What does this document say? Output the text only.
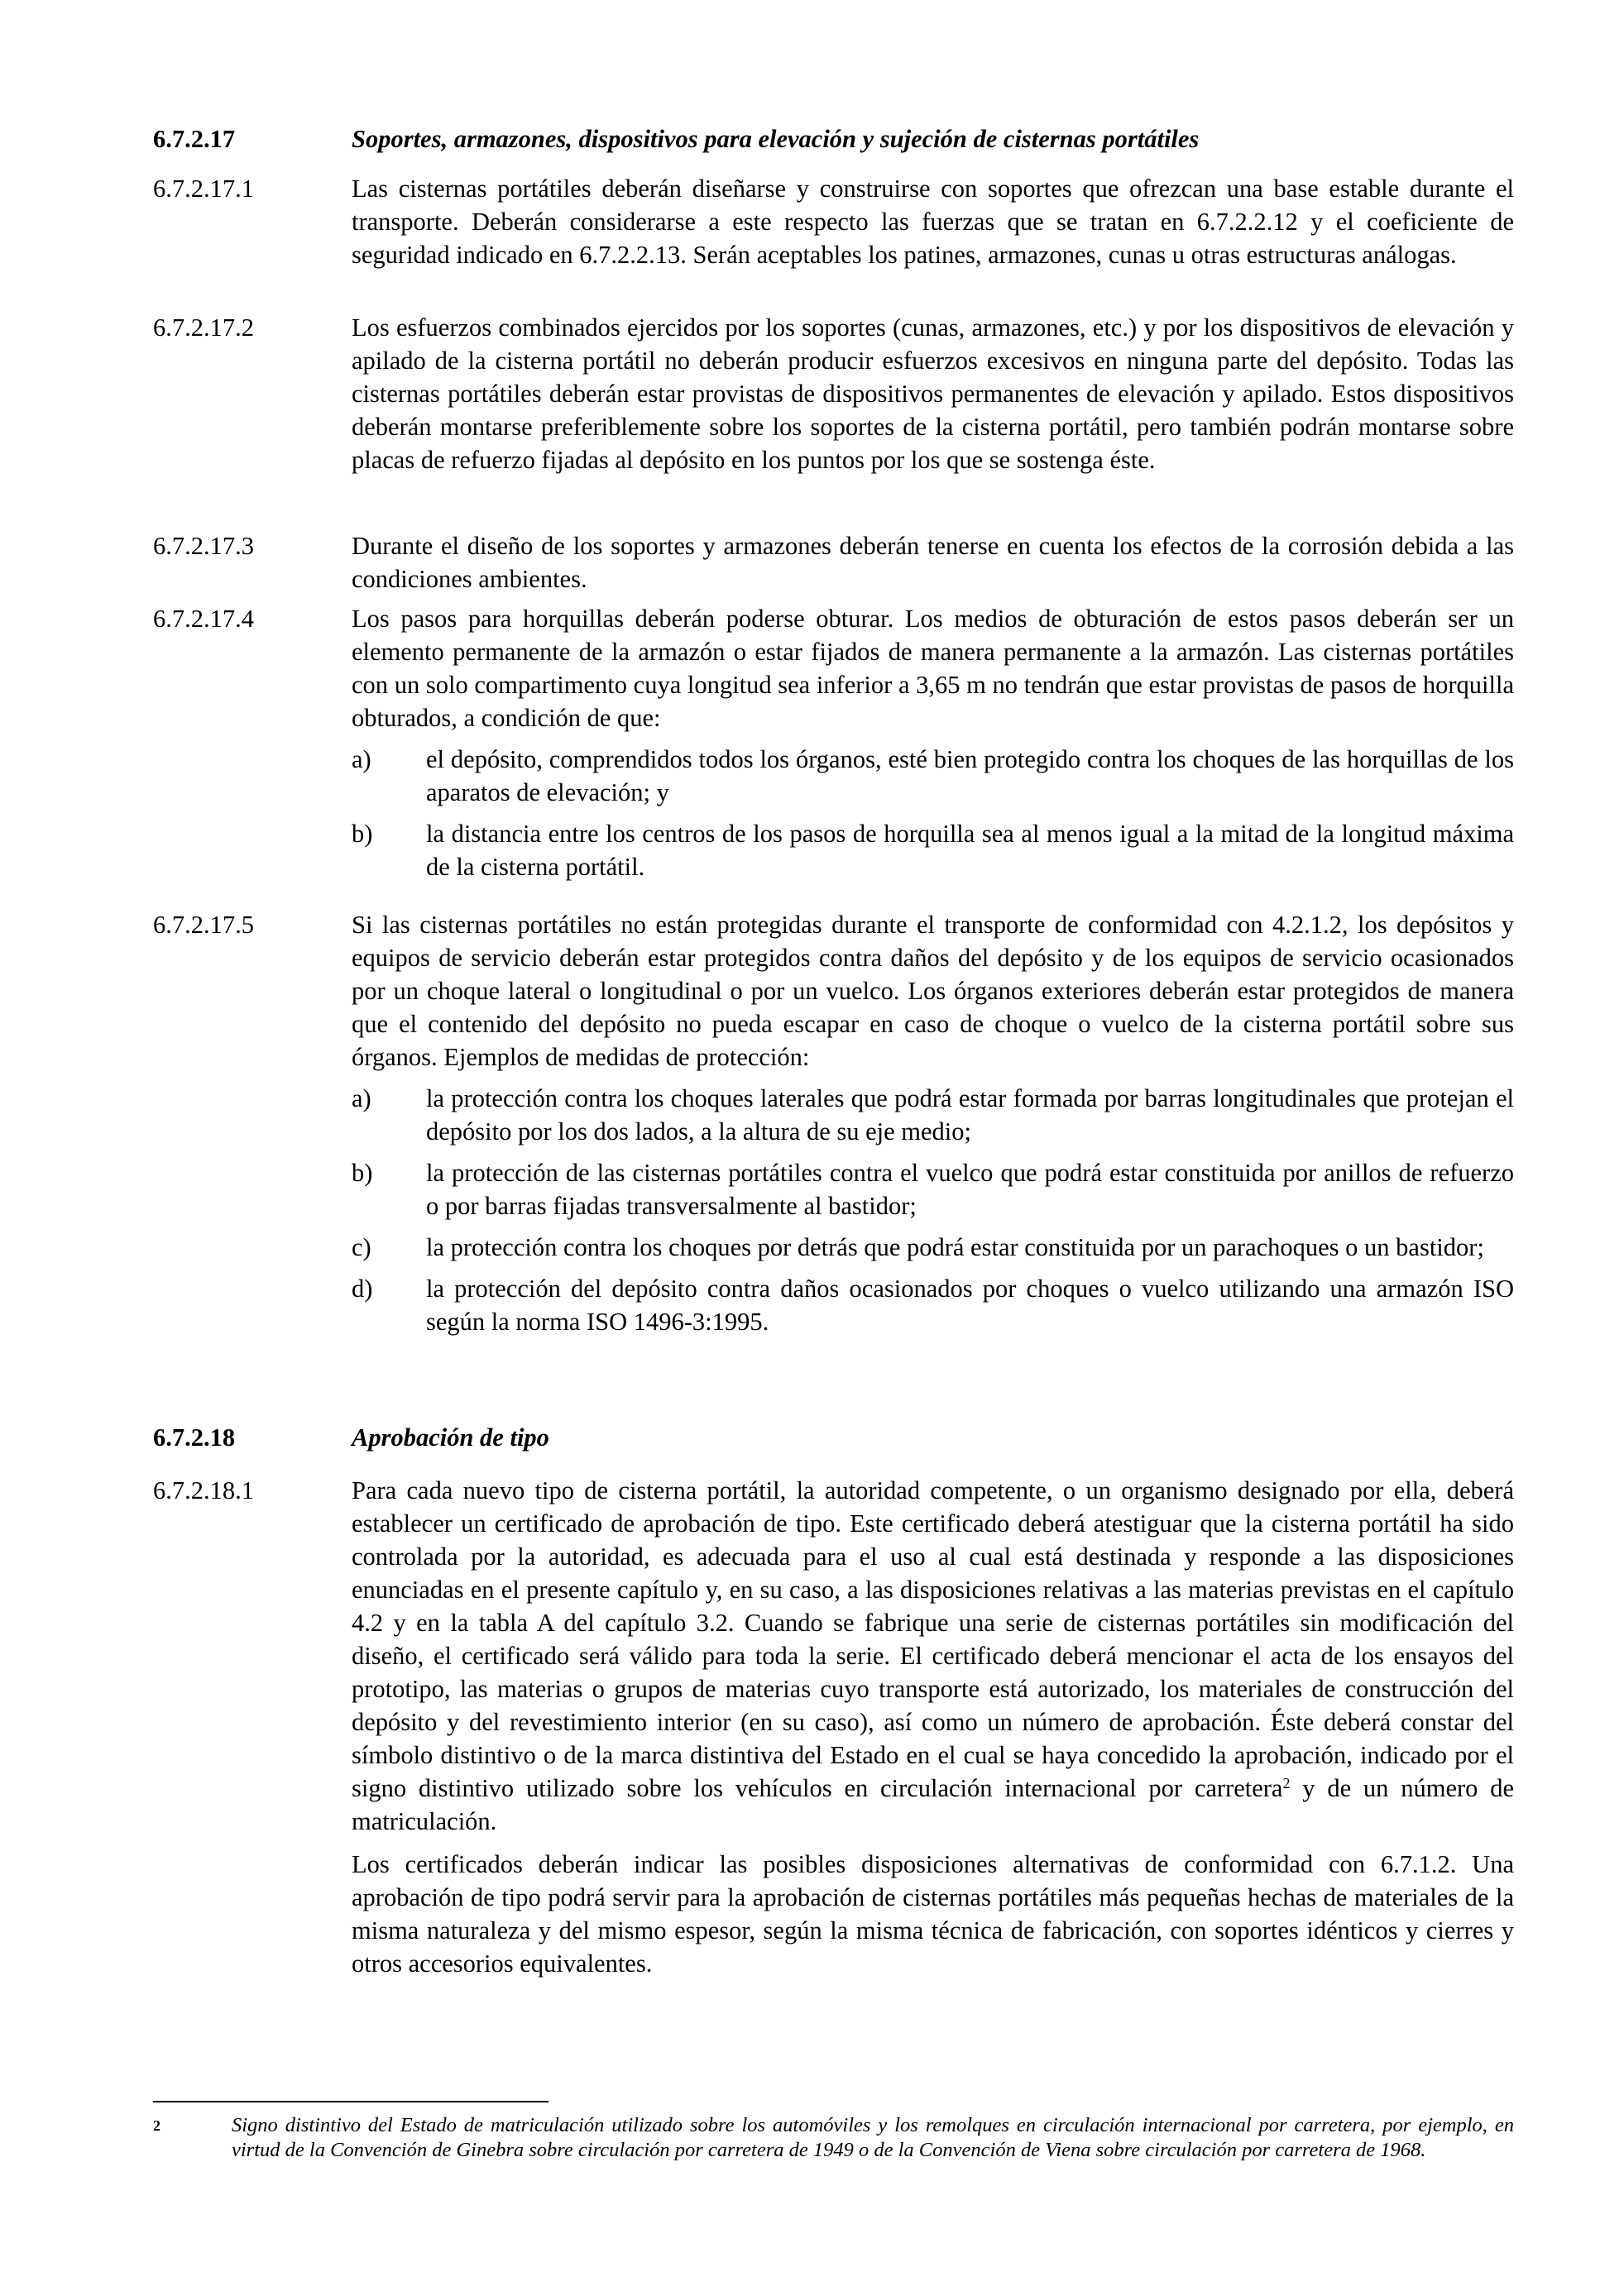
6.7.2.17	Soportes, armazones, dispositivos para elevación y sujeción de cisternas portátiles
6.7.2.17.1	Las cisternas portátiles deberán diseñarse y construirse con soportes que ofrezcan una base estable durante el transporte. Deberán considerarse a este respecto las fuerzas que se tratan en 6.7.2.2.12 y el coeficiente de seguridad indicado en 6.7.2.2.13. Serán aceptables los patines, armazones, cunas u otras estructuras análogas.
6.7.2.17.2	Los esfuerzos combinados ejercidos por los soportes (cunas, armazones, etc.) y por los dispositivos de elevación y apilado de la cisterna portátil no deberán producir esfuerzos excesivos en ninguna parte del depósito. Todas las cisternas portátiles deberán estar provistas de dispositivos permanentes de elevación y apilado. Estos dispositivos deberán montarse preferiblemente sobre los soportes de la cisterna portátil, pero también podrán montarse sobre placas de refuerzo fijadas al depósito en los puntos por los que se sostenga éste.
6.7.2.17.3	Durante el diseño de los soportes y armazones deberán tenerse en cuenta los efectos de la corrosión debida a las condiciones ambientes.
6.7.2.17.4	Los pasos para horquillas deberán poderse obturar. Los medios de obturación de estos pasos deberán ser un elemento permanente de la armazón o estar fijados de manera permanente a la armazón. Las cisternas portátiles con un solo compartimento cuya longitud sea inferior a 3,65 m no tendrán que estar provistas de pasos de horquilla obturados, a condición de que:
a)	el depósito, comprendidos todos los órganos, esté bien protegido contra los choques de las horquillas de los aparatos de elevación; y
b)	la distancia entre los centros de los pasos de horquilla sea al menos igual a la mitad de la longitud máxima de la cisterna portátil.
6.7.2.17.5	Si las cisternas portátiles no están protegidas durante el transporte de conformidad con 4.2.1.2, los depósitos y equipos de servicio deberán estar protegidos contra daños del depósito y de los equipos de servicio ocasionados por un choque lateral o longitudinal o por un vuelco. Los órganos exteriores deberán estar protegidos de manera que el contenido del depósito no pueda escapar en caso de choque o vuelco de la cisterna portátil sobre sus órganos. Ejemplos de medidas de protección:
a)	la protección contra los choques laterales que podrá estar formada por barras longitudinales que protejan el depósito por los dos lados, a la altura de su eje medio;
b)	la protección de las cisternas portátiles contra el vuelco que podrá estar constituida por anillos de refuerzo o por barras fijadas transversalmente al bastidor;
c)	la protección contra los choques por detrás que podrá estar constituida por un parachoques o un bastidor;
d)	la protección del depósito contra daños ocasionados por choques o vuelco utilizando una armazón ISO según la norma ISO 1496-3:1995.
6.7.2.18	Aprobación de tipo
6.7.2.18.1	Para cada nuevo tipo de cisterna portátil, la autoridad competente, o un organismo designado por ella, deberá establecer un certificado de aprobación de tipo. Este certificado deberá atestiguar que la cisterna portátil ha sido controlada por la autoridad, es adecuada para el uso al cual está destinada y responde a las disposiciones enunciadas en el presente capítulo y, en su caso, a las disposiciones relativas a las materias previstas en el capítulo 4.2 y en la tabla A del capítulo 3.2. Cuando se fabrique una serie de cisternas portátiles sin modificación del diseño, el certificado será válido para toda la serie. El certificado deberá mencionar el acta de los ensayos del prototipo, las materias o grupos de materias cuyo transporte está autorizado, los materiales de construcción del depósito y del revestimiento interior (en su caso), así como un número de aprobación. Éste deberá constar del símbolo distintivo o de la marca distintiva del Estado en el cual se haya concedido la aprobación, indicado por el signo distintivo utilizado sobre los vehículos en circulación internacional por carretera$^2$ y de un número de matriculación.
Los certificados deberán indicar las posibles disposiciones alternativas de conformidad con 6.7.1.2. Una aprobación de tipo podrá servir para la aprobación de cisternas portátiles más pequeñas hechas de materiales de la misma naturaleza y del mismo espesor, según la misma técnica de fabricación, con soportes idénticos y cierres y otros accesorios equivalentes.
2	Signo distintivo del Estado de matriculación utilizado sobre los automóviles y los remolques en circulación internacional por carretera, por ejemplo, en virtud de la Convención de Ginebra sobre circulación por carretera de 1949 o de la Convención de Viena sobre circulación por carretera de 1968.
